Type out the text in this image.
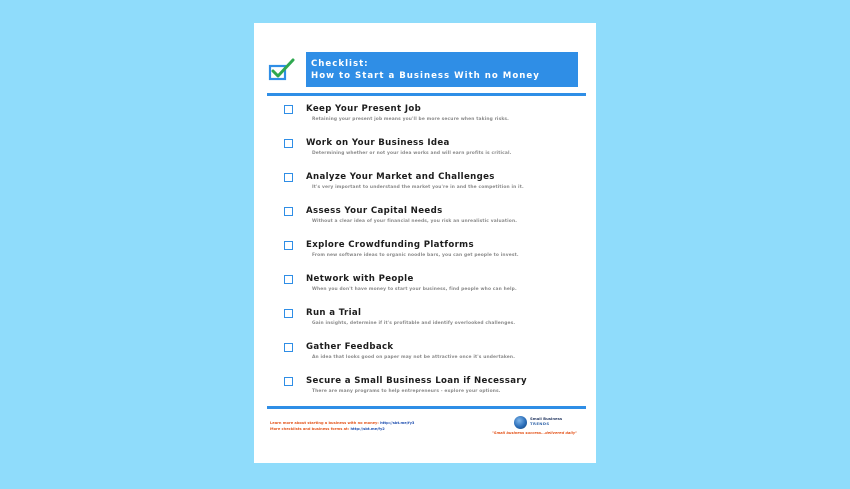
Checklist:
How to Start a Business With no Money
Keep Your Present Job
Retaining your present job means you'll be more secure when taking risks.
Work on Your Business Idea
Determining whether or not your idea works and will earn profits is critical.
Analyze Your Market and Challenges
It's very important to understand the market you're in and the competition in it.
Assess Your Capital Needs
Without a clear idea of your financial needs, you risk an unrealistic valuation.
Explore Crowdfunding Platforms
From new software ideas to organic noodle bars, you can get people to invest.
Network with People
When you don't have money to start your business, find people who can help.
Run a Trial
Gain insights, determine if it's profitable and identify overlooked challenges.
Gather Feedback
An idea that looks good on paper may not be attractive once it's undertaken.
Secure a Small Business Loan if Necessary
There are many programs to help entrepreneurs - explore your options.
Learn more about starting a business with no money: http://sbt.me/fy3
More checklists and business forms at: http://sbt.me/fy2
Small Business
TRENDS
"Small business success...delivered daily"
